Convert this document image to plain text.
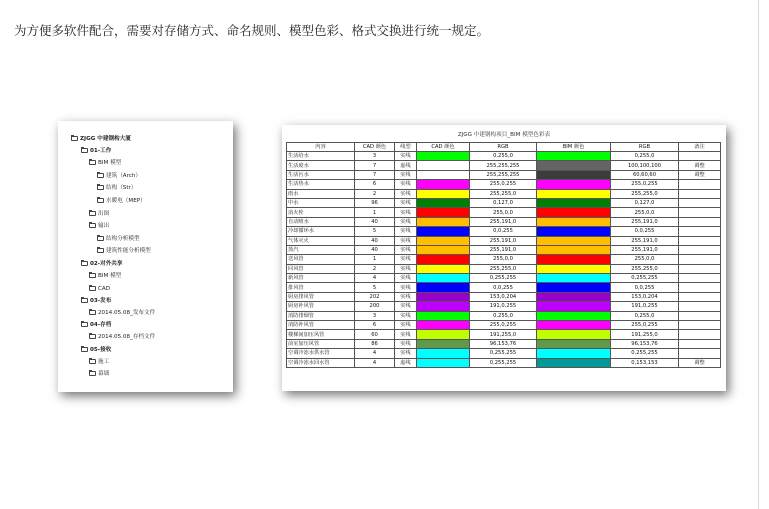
为方便多软件配合，需要对存储方式、命名规则、模型色彩、格式交换进行统一规定。
ZJGG 中建钢构大厦
01-工作
BIM 模型
建筑（Arch）
结构（Str）
水暖电（MEP）
出图
输出
结构分析模型
建筑性能分析模型
02-对外共享
BIM 模型
CAD
03-发布
2014.05.08_发布文件
04-存档
2014.05.08_存档文件
05-接收
施工
幕墙
ZJGG 中建钢构项目_BIM 模型色彩表
内容	CAD 颜色	线型	CAD 颜色	RGB	BIM 颜色	RGB	备注
生活给水	3	实线		0,255,0		0,255,0	
生活废水	7	虚线		255,255,255		100,100,100	调整
生活污水	7	实线		255,255,255		60,60,60	调整
生活热水	6	实线		255,0,255		255,0,255	
雨水	2	实线		255,255,0		255,255,0	
中水	96	实线		0,127,0		0,127,0	
消火栓	1	实线		255,0,0		255,0,0	
自动喷水	40	实线		255,191,0		255,191,0	
冷却循环水	5	实线		0,0,255		0,0,255	
气体灭火	40	实线		255,191,0		255,191,0	
蒸汽	40	实线		255,191,0		255,191,0	
送风管	1	实线		255,0,0		255,0,0	
回风管	2	实线		255,255,0		255,255,0	
新风管	4	实线		0,255,255		0,255,255	
排风管	5	实线		0,0,255		0,0,255	
厨房排风管	202	实线		153,0,204		153,0,204	
厨房补风管	200	实线		191,0,255		191,0,255	
消防排烟管	3	实线		0,255,0		0,255,0	
消防补风管	6	实线		255,0,255		255,0,255	
楼梯间加压风管	60	实线		191,255,0		191,255,0	
前室加压风管	86	实线		96,153,76		96,153,76	
空调冷冻水供水管	4	实线		0,255,255		0,255,255	
空调冷冻水回水管	4	虚线		0,255,255		0,153,153	调整
